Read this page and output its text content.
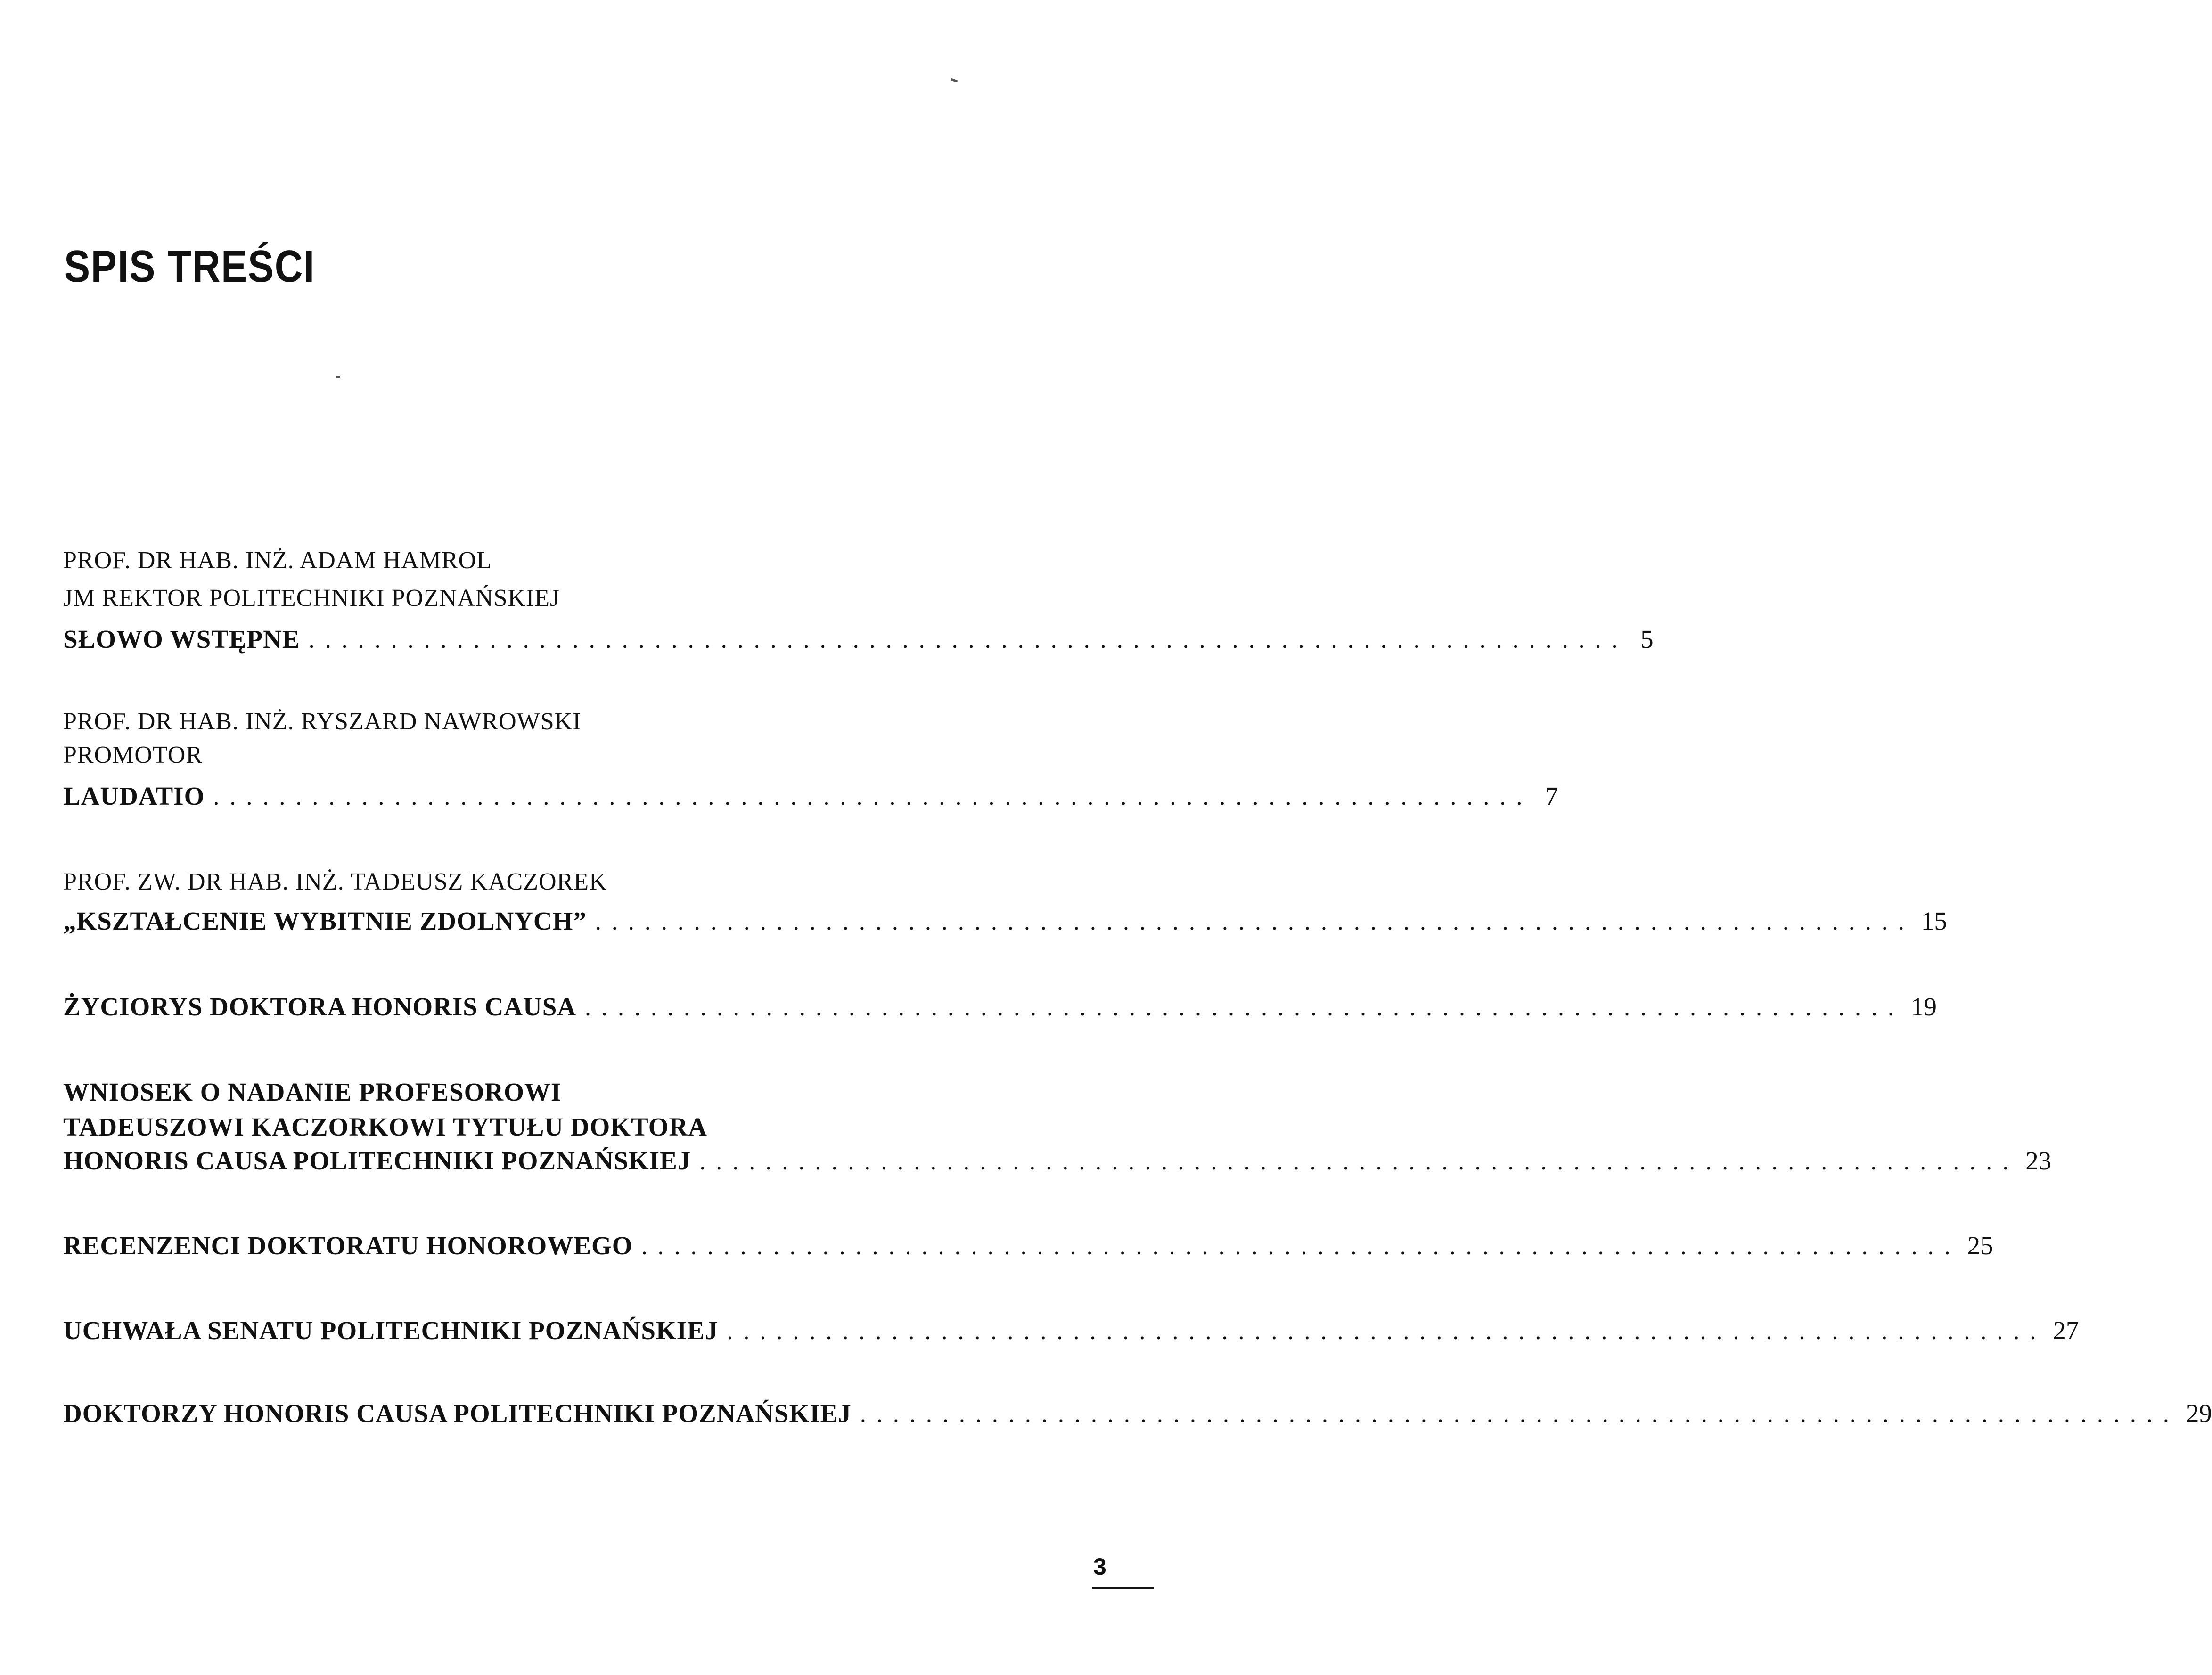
SPIS TREŚCI
PROF. DR HAB. INŻ. ADAM HAMROL
JM REKTOR POLITECHNIKI POZNAŃSKIEJ
SŁOWO WSTĘPNE ................................................................................ 5
PROF. DR HAB. INŻ. RYSZARD NAWROWSKI
PROMOTOR
LAUDATIO ................................................................................ 7
PROF. ZW. DR HAB. INŻ. TADEUSZ KACZOREK
„KSZTAŁCENIE WYBITNIE ZDOLNYCH” ................................................................................ 15
ŻYCIORYS DOKTORA HONORIS CAUSA ................................................................................ 19
WNIOSEK O NADANIE PROFESOROWI
TADEUSZOWI KACZORKOWI TYTUŁU DOKTORA
HONORIS CAUSA POLITECHNIKI POZNAŃSKIEJ ................................................................................ 23
RECENZENCI DOKTORATU HONOROWEGO ................................................................................ 25
UCHWAŁA SENATU POLITECHNIKI POZNAŃSKIEJ ................................................................................ 27
DOKTORZY HONORIS CAUSA POLITECHNIKI POZNAŃSKIEJ ................................................................................ 29
3
